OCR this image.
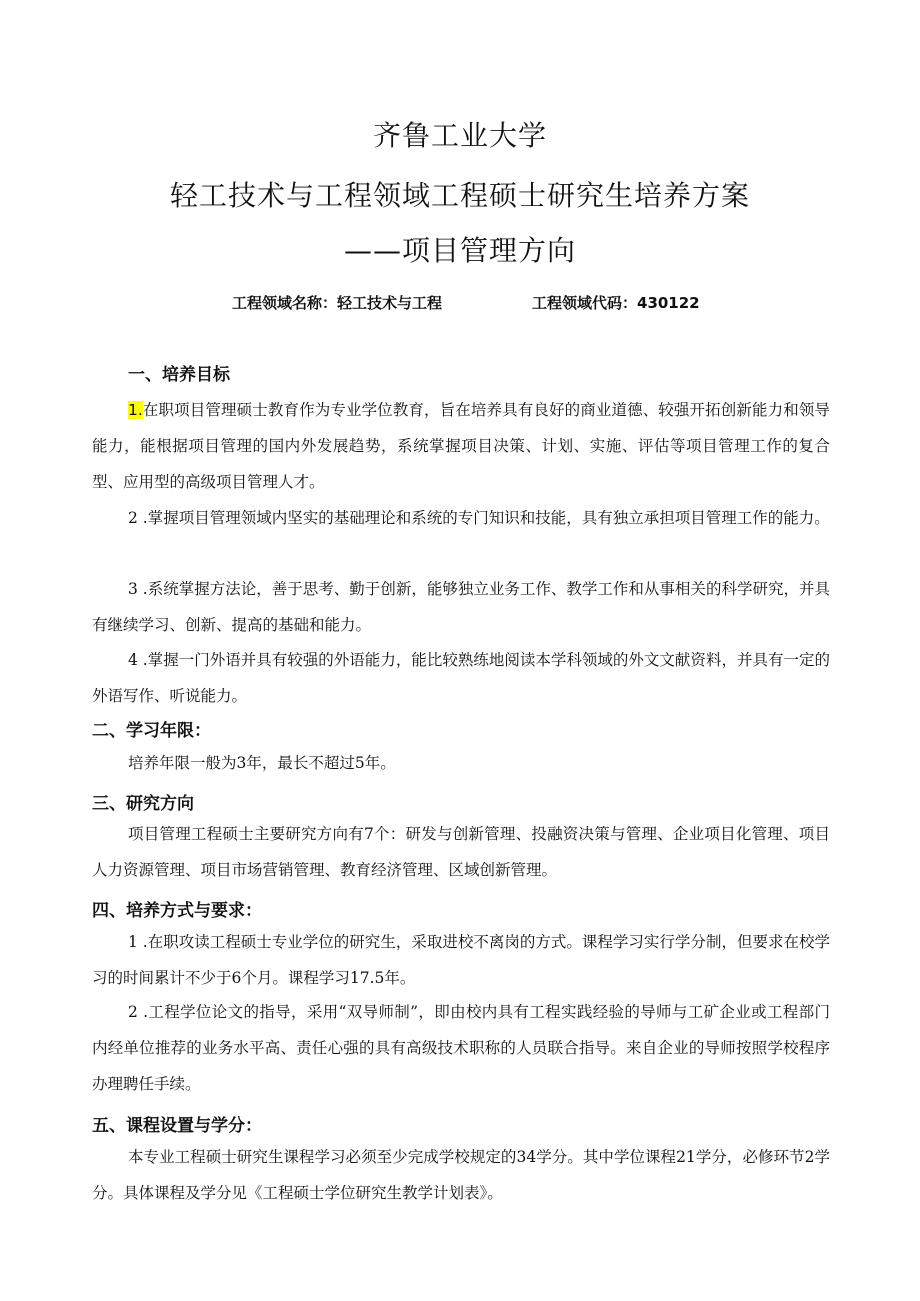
齐鲁工业大学
轻工技术与工程领域工程硕士研究生培养方案
——项目管理方向
工程领域名称：轻工技术与工程	工程领域代码：430122
一、培养目标

1.在职项目管理硕士教育作为专业学位教育，旨在培养具有良好的商业道德、较强开拓创新能力和领导能力，能根据项目管理的国内外发展趋势，系统掌握项目决策、计划、实施、评估等项目管理工作的复合型、应用型的高级项目管理人才。

2 .掌握项目管理领域内坚实的基础理论和系统的专门知识和技能，具有独立承担项目管理工作的能力。

3 .系统掌握方法论，善于思考、勤于创新，能够独立业务工作、教学工作和从事相关的科学研究，并具有继续学习、创新、提高的基础和能力。

4 .掌握一门外语并具有较强的外语能力，能比较熟练地阅读本学科领域的外文文献资料，并具有一定的外语写作、听说能力。

二、学习年限：

培养年限一般为3年，最长不超过5年。

三、研究方向

项目管理工程硕士主要研究方向有7个：研发与创新管理、投融资决策与管理、企业项目化管理、项目人力资源管理、项目市场营销管理、教育经济管理、区域创新管理。

四、培养方式与要求：

1 .在职攻读工程硕士专业学位的研究生，采取进校不离岗的方式。课程学习实行学分制，但要求在校学习的时间累计不少于6个月。课程学习17.5年。

2 .工程学位论文的指导，采用“双导师制”，即由校内具有工程实践经验的导师与工矿企业或工程部门内经单位推荐的业务水平高、责任心强的具有高级技术职称的人员联合指导。来自企业的导师按照学校程序办理聘任手续。

五、课程设置与学分：

本专业工程硕士研究生课程学习必须至少完成学校规定的34学分。其中学位课程21学分，必修环节2学分。具体课程及学分见《工程硕士学位研究生教学计划表》。
